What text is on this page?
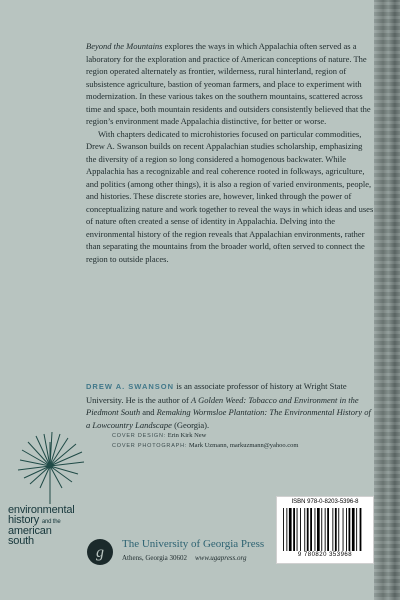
Beyond the Mountains explores the ways in which Appalachia often served as a laboratory for the exploration and practice of American conceptions of nature. The region operated alternately as frontier, wilderness, rural hinterland, region of subsistence agriculture, bastion of yeoman farmers, and place to experiment with modernization. In these various takes on the southern mountains, scattered across time and space, both mountain residents and outsiders consistently believed that the region’s environment made Appalachia distinctive, for better or worse.

With chapters dedicated to microhistories focused on particular commodities, Drew A. Swanson builds on recent Appalachian studies scholarship, emphasizing the diversity of a region so long considered a homogenous backwater. While Appalachia has a recognizable and real coherence rooted in folkways, agriculture, and politics (among other things), it is also a region of varied environments, people, and histories. These discrete stories are, however, linked through the power of conceptualizing nature and work together to reveal the ways in which ideas and uses of nature often created a sense of identity in Appalachia. Delving into the environmental history of the region reveals that Appalachian environments, rather than separating the mountains from the broader world, often served to connect the region to outside places.

DREW A. SWANSON is an associate professor of history at Wright State University. He is the author of A Golden Weed: Tobacco and Environment in the Piedmont South and Remaking Wormsloe Plantation: The Environmental History of a Lowcountry Landscape (Georgia).
COVER DESIGN: Erin Kirk New
COVER PHOTOGRAPH: Mark Uzmann, markuzmann@yahoo.com
environmental
history and the
american
south
g The University of Georgia Press
Athens, Georgia 30602 www.ugapress.org
ISBN 978-0-8203-5396-8
9 780820 353968
